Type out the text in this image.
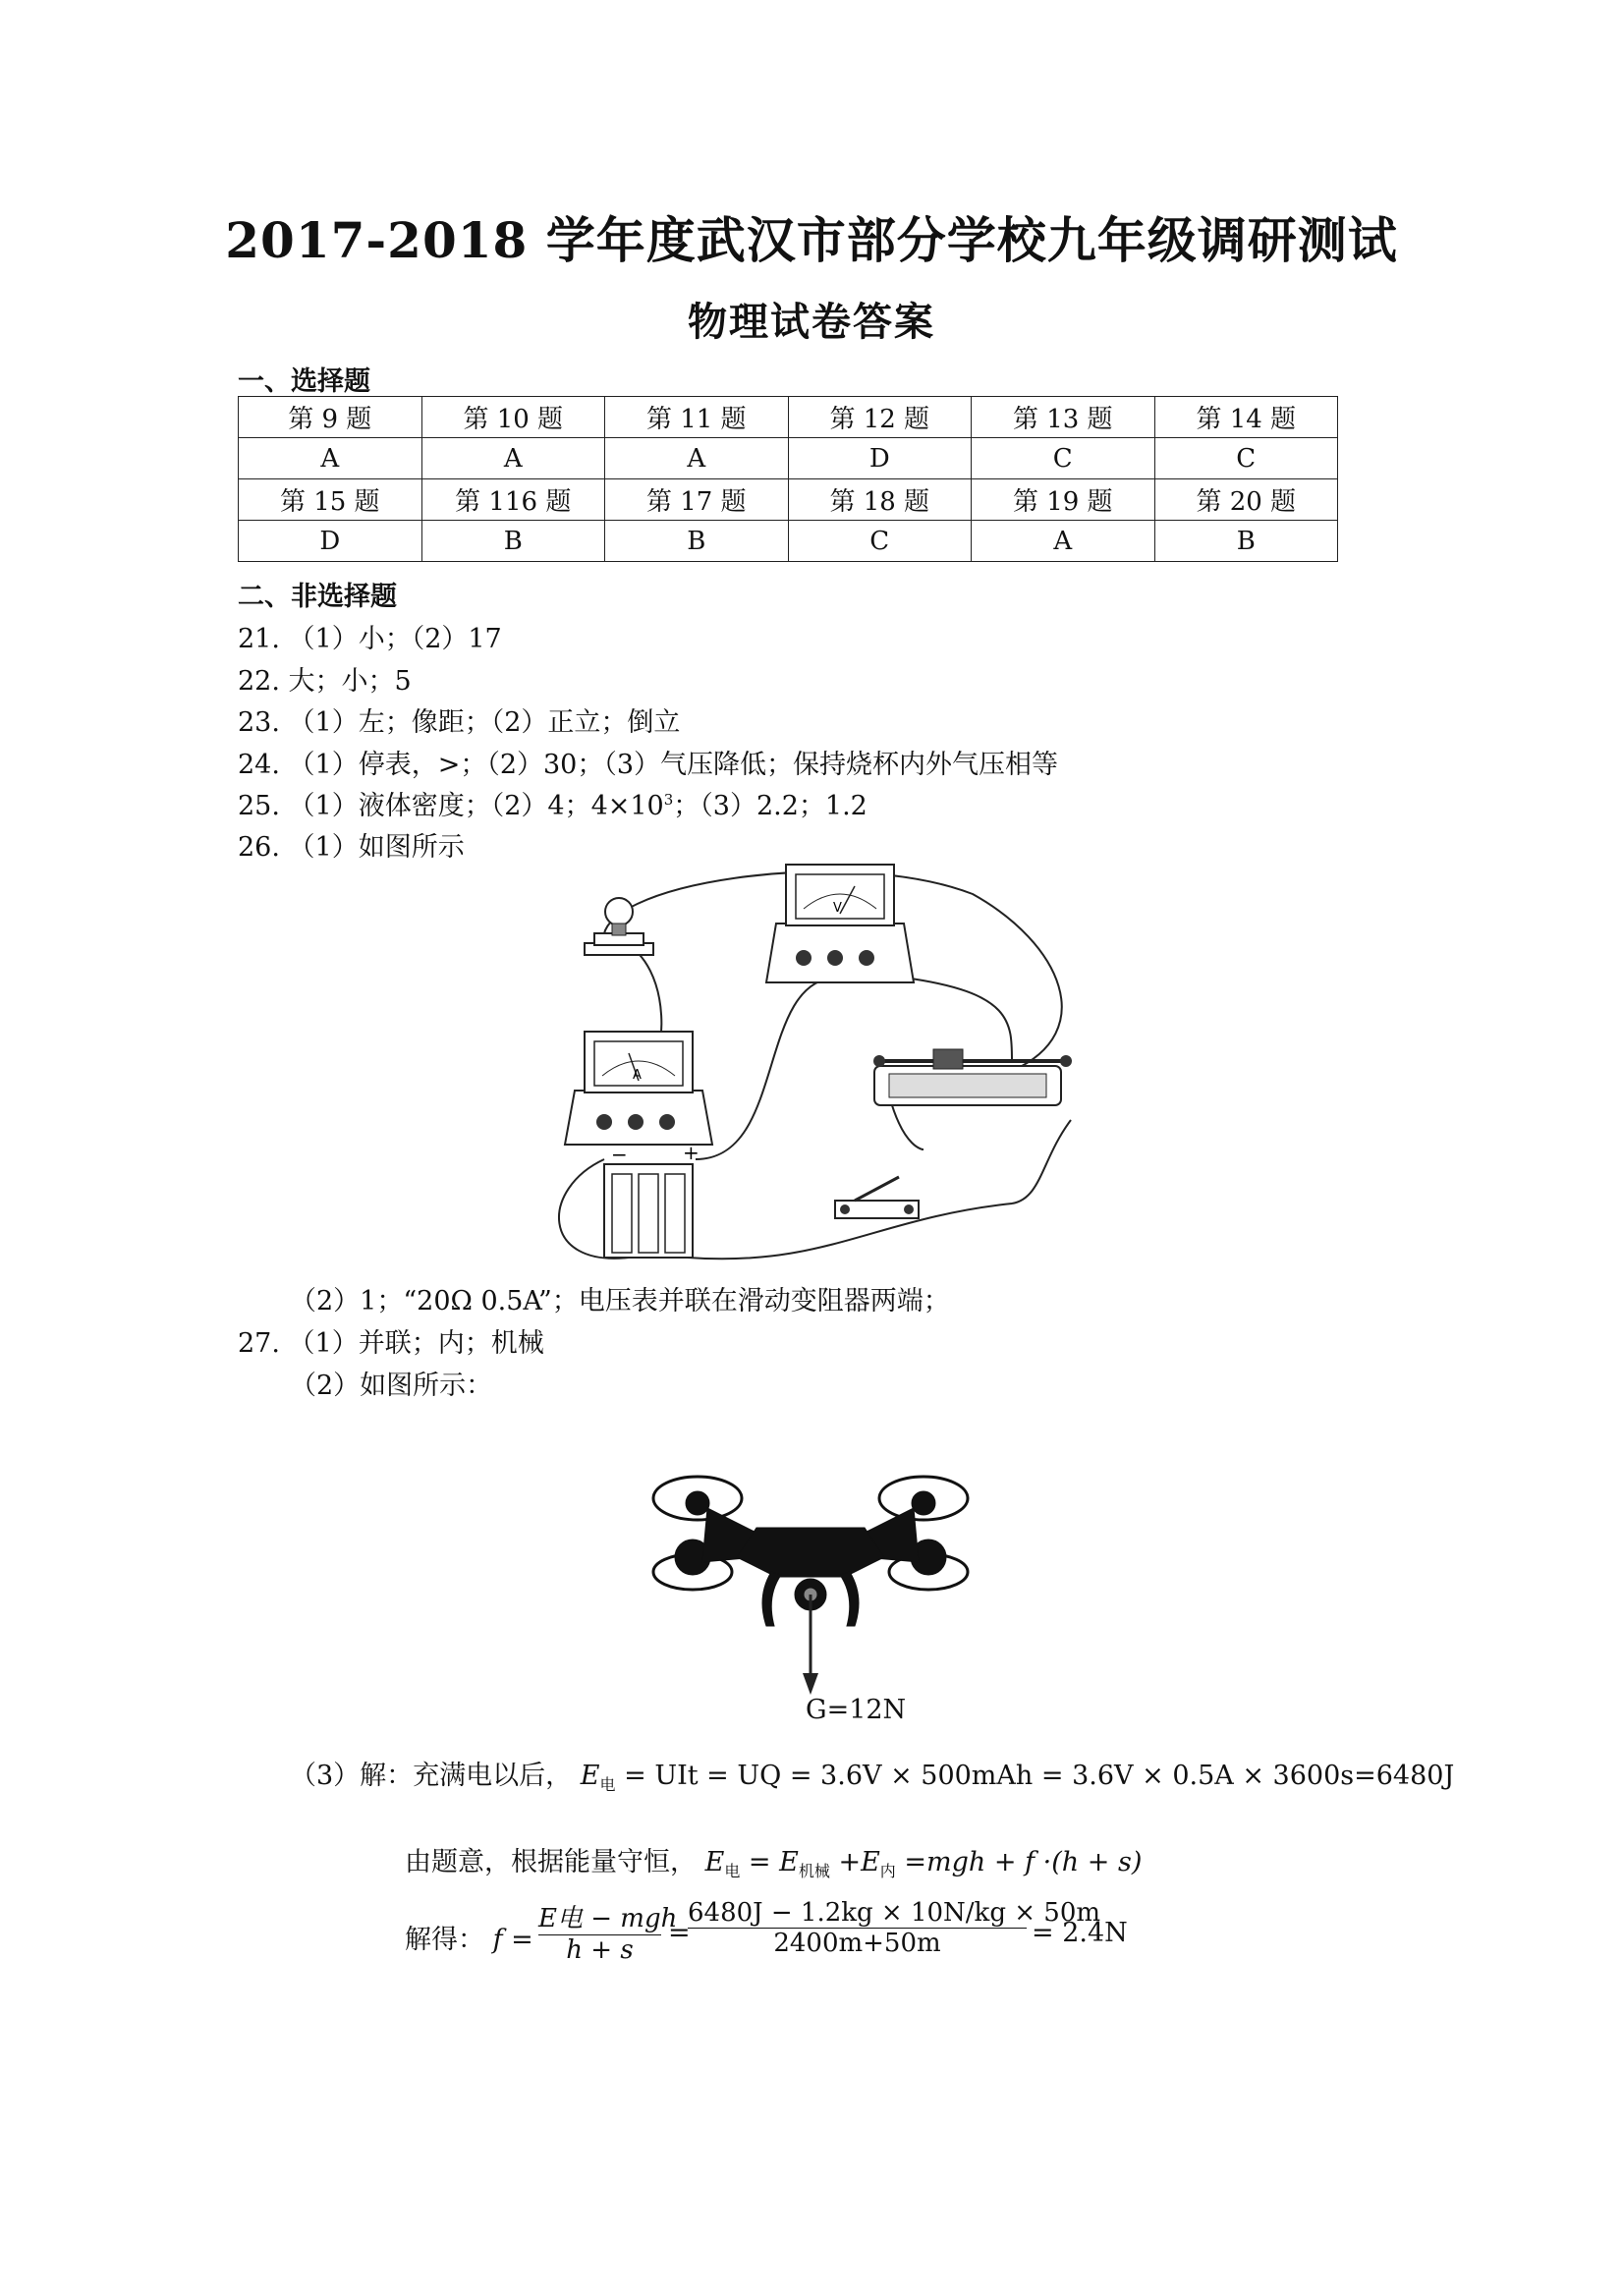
2017-2018 学年度武汉市部分学校九年级调研测试
物理试卷答案
一、选择题
第 9 题	第 10 题	第 11 题	第 12 题	第 13 题	第 14 题
A	A	A	D	C	C
第 15 题	第 116 题	第 17 题	第 18 题	第 19 题	第 20 题
D	B	B	C	A	B
二、非选择题
21. （1）小；（2）17
22. 大；小；5
23. （1）左；像距；（2）正立；倒立
24. （1）停表，>；（2）30；（3）气压降低；保持烧杯内外气压相等
25. （1）液体密度；（2）4；$4\times 10^3$；（3）2.2；1.2
26. （1）如图所示
V
A
−	+
（2）1；“20Ω 0.5A”；电压表并联在滑动变阻器两端；
27. （1）并联；内；机械
（2）如图所示：
G=12N
（3）解：充满电以后， $E_电$ = UIt = UQ = 3.6V × 500mAh = 3.6V × 0.5A × 3600s=6480J
由题意，根据能量守恒， $E_电 = E_{机械} +E_内 =mgh + f \cdot(h + s)$
解得： f =
E电 − mgh
h + s
=
$\frac{6480J - 1.2kg \times 10N/kg \times 50m}{2400m+50m} = 2.4N$
